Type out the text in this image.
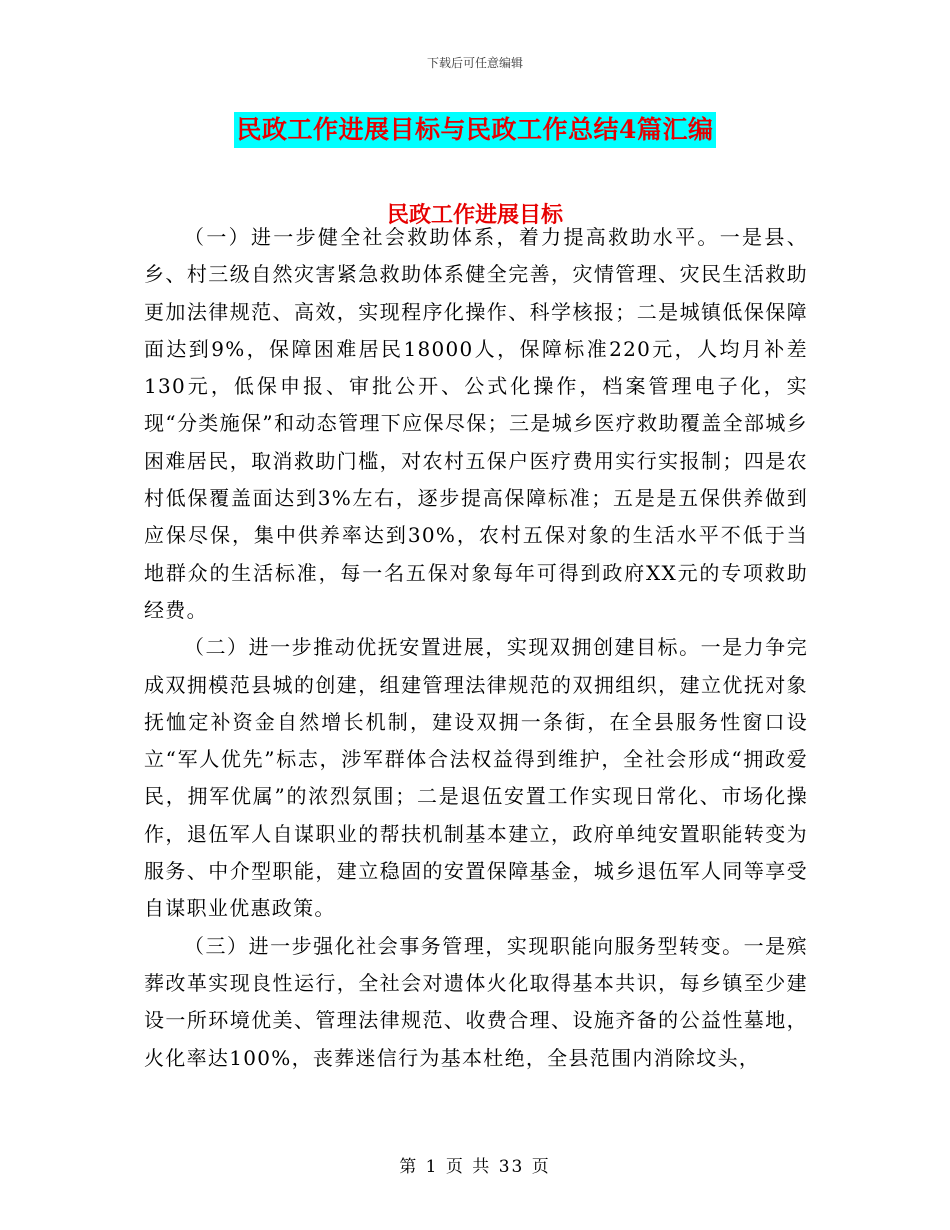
下载后可任意编辑
民政工作进展目标与民政工作总结4篇汇编
民政工作进展目标

（一）进一步健全社会救助体系，着力提高救助水平。一是县、乡、村三级自然灾害紧急救助体系健全完善，灾情管理、灾民生活救助更加法律规范、高效，实现程序化操作、科学核报；二是城镇低保保障面达到9%，保障困难居民18000人，保障标准220元，人均月补差130元，低保申报、审批公开、公式化操作，档案管理电子化，实现“分类施保”和动态管理下应保尽保；三是城乡医疗救助覆盖全部城乡困难居民，取消救助门槛，对农村五保户医疗费用实行实报制；四是农村低保覆盖面达到3%左右，逐步提高保障标准；五是是五保供养做到应保尽保，集中供养率达到30%，农村五保对象的生活水平不低于当地群众的生活标准，每一名五保对象每年可得到政府XX元的专项救助经费。

（二）进一步推动优抚安置进展，实现双拥创建目标。一是力争完成双拥模范县城的创建，组建管理法律规范的双拥组织，建立优抚对象抚恤定补资金自然增长机制，建设双拥一条街，在全县服务性窗口设立“军人优先”标志，涉军群体合法权益得到维护，全社会形成“拥政爱民，拥军优属”的浓烈氛围；二是退伍安置工作实现日常化、市场化操作，退伍军人自谋职业的帮扶机制基本建立，政府单纯安置职能转变为服务、中介型职能，建立稳固的安置保障基金，城乡退伍军人同等享受自谋职业优惠政策。

（三）进一步强化社会事务管理，实现职能向服务型转变。一是殡葬改革实现良性运行，全社会对遗体火化取得基本共识，每乡镇至少建设一所环境优美、管理法律规范、收费合理、设施齐备的公益性墓地，火化率达100%，丧葬迷信行为基本杜绝，全县范围内消除坟头，

第 1 页 共 33 页
